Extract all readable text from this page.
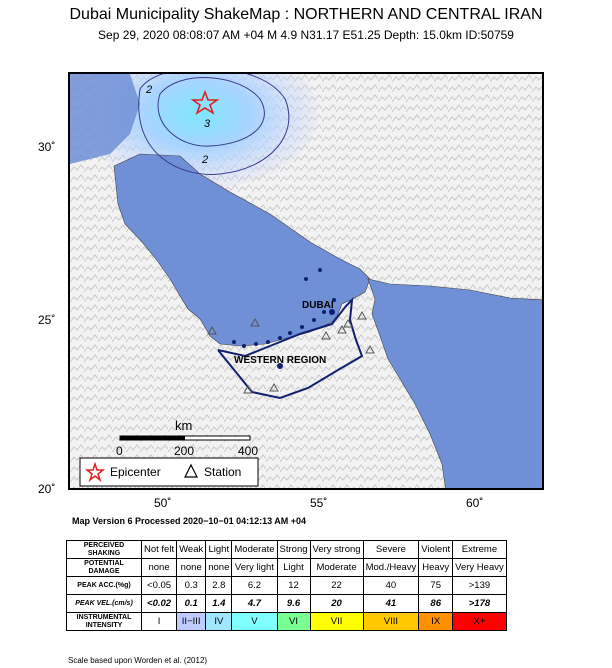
Dubai Municipality ShakeMap : NORTHERN AND CENTRAL IRAN
Sep 29, 2020 08:08:07 AM +04 M 4.9 N31.17 E51.25 Depth: 15.0km ID:50759
30˚
25˚
20˚
50˚	55˚	60˚
2
3
2
DUBAI
WESTERN REGION
km
0	200	400
Epicenter	Station
Map Version 6 Processed 2020−10−01 04:12:13 AM +04
PERCEIVED SHAKING	Not felt	Weak	Light	Moderate	Strong	Very strong	Severe	Violent	Extreme
POTENTIAL DAMAGE	none	none	none	Very light	Light	Moderate	Mod./Heavy	Heavy	Very Heavy
PEAK ACC.(%g)	<0.05	0.3	2.8	6.2	12	22	40	75	>139
PEAK VEL.(cm/s)	<0.02	0.1	1.4	4.7	9.6	20	41	86	>178
INSTRUMENTAL INTENSITY	I	II−III	IV	V	VI	VII	VIII	IX	X+
Scale based upon Worden et al. (2012)
